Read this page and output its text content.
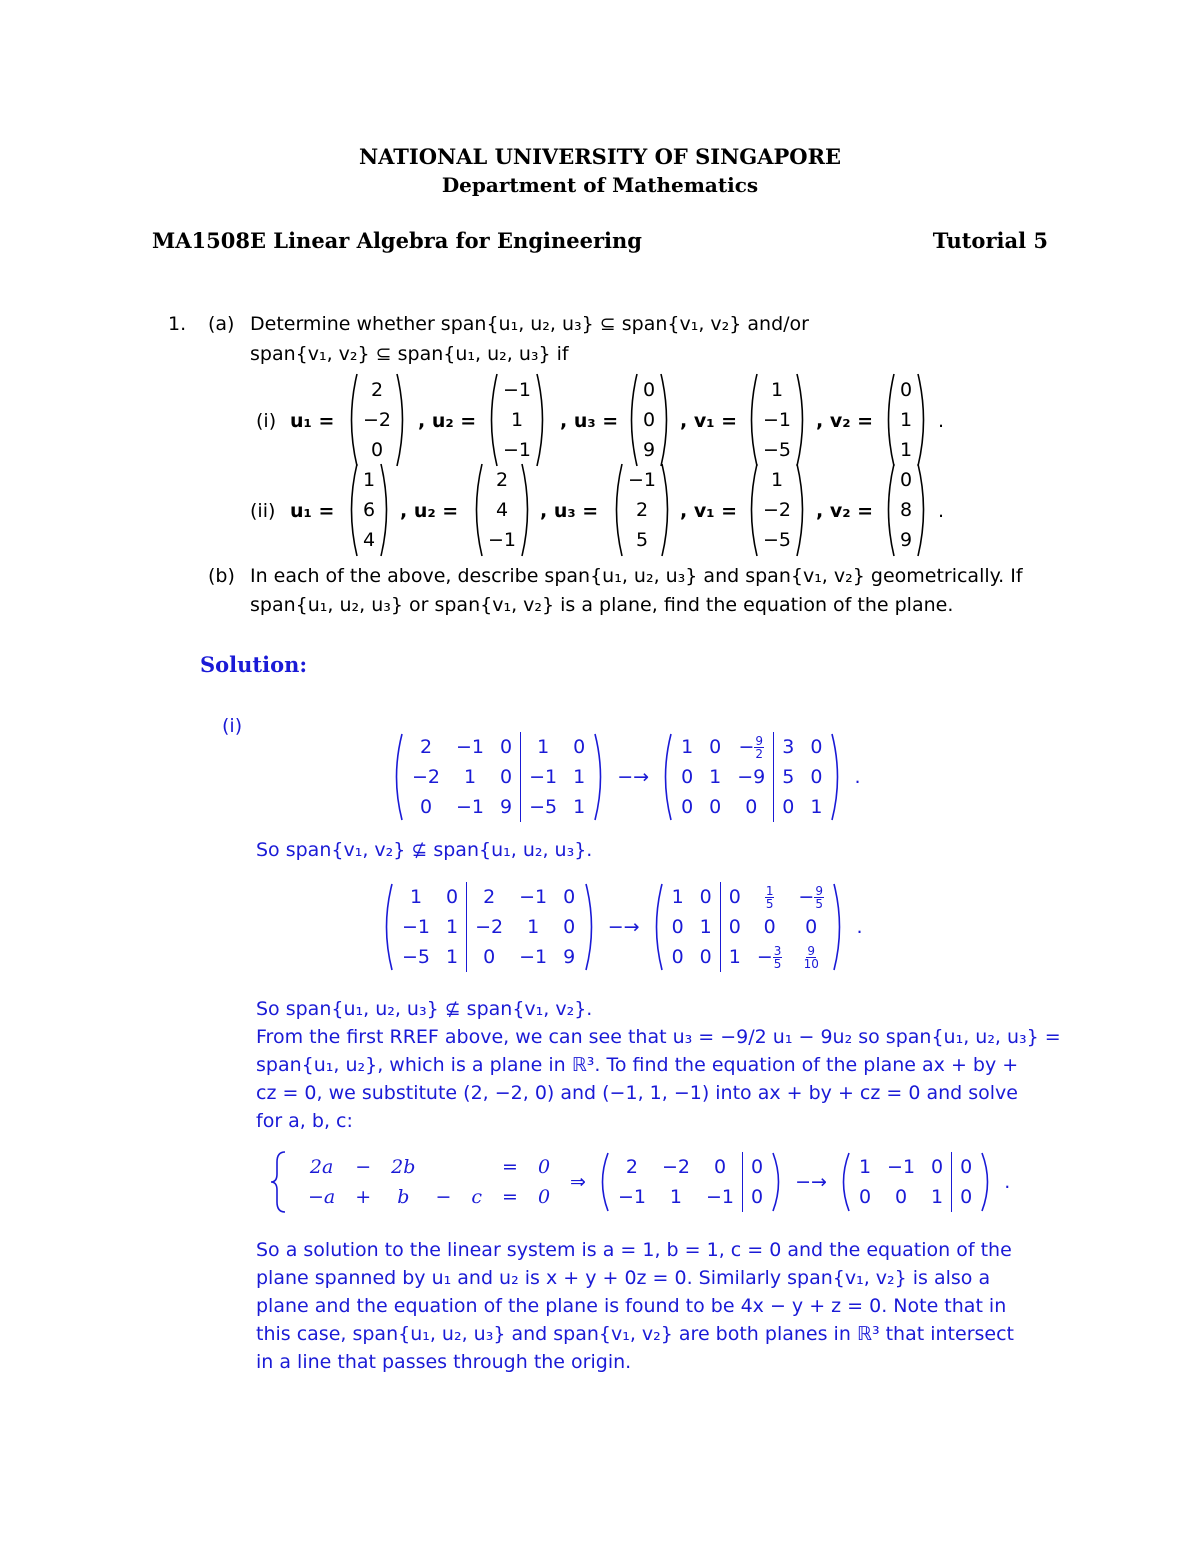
NATIONAL UNIVERSITY OF SINGAPORE
Department of Mathematics
MA1508E Linear Algebra for Engineering	Tutorial 5
1. (a) Determine whether span{u₁, u₂, u₃} ⊆ span{v₁, v₂} and/or
span{v₁, v₂} ⊆ span{u₁, u₂, u₃} if
(i) u₁ =
2
−2
0
, u₂ =
−1
1
−1
, u₃ =
0
0
9
, v₁ =
1
−1
−5
, v₂ =
0
1
1
.
(ii) u₁ =
1
6
4
, u₂ =
2
4
−1
, u₃ =
−1
2
5
, v₁ =
1
−2
−5
, v₂ =
0
8
9
.
(b) In each of the above, describe span{u₁, u₂, u₃} and span{v₁, v₂} geometrically. If
span{u₁, u₂, u₃} or span{v₁, v₂} is a plane, find the equation of the plane.
Solution:
(i)
2	−1	0	1	0
−2	1	0	−1	1
0	−1	9	−5	1
−→
1	0	− $\frac{9}{2}$	3	0
0	1	−9	5	0
0	0	0	0	1
.
So span{v₁, v₂} ⊈ span{u₁, u₂, u₃}.
1	0	2	−1	0
−1	1	−2	1	0
−5	1	0	−1	9
−→
1	0	0	$\frac{1}{5}$	− $\frac{9}{5}$

0	1	0	0	0
0	0	1	− $\frac{3}{5}$	$\frac{9}{10}$
.
So span{u₁, u₂, u₃} ⊈ span{v₁, v₂}.
From the first RREF above, we can see that u₃ = −9/2 u₁ − 9u₂ so span{u₁, u₂, u₃} =
span{u₁, u₂}, which is a plane in ℝ³. To find the equation of the plane ax + by +
cz = 0, we substitute (2, −2, 0) and (−1, 1, −1) into ax + by + cz = 0 and solve
for a, b, c:
2a	−	2b			=	0
−a	+	b	−	c	=	0
⇒
2	−2	0	0
−1	1	−1	0
−→
1	−1	0	0
0	0	1	0
.
So a solution to the linear system is a = 1, b = 1, c = 0 and the equation of the
plane spanned by u₁ and u₂ is x + y + 0z = 0. Similarly span{v₁, v₂} is also a
plane and the equation of the plane is found to be 4x − y + z = 0. Note that in
this case, span{u₁, u₂, u₃} and span{v₁, v₂} are both planes in ℝ³ that intersect
in a line that passes through the origin.
